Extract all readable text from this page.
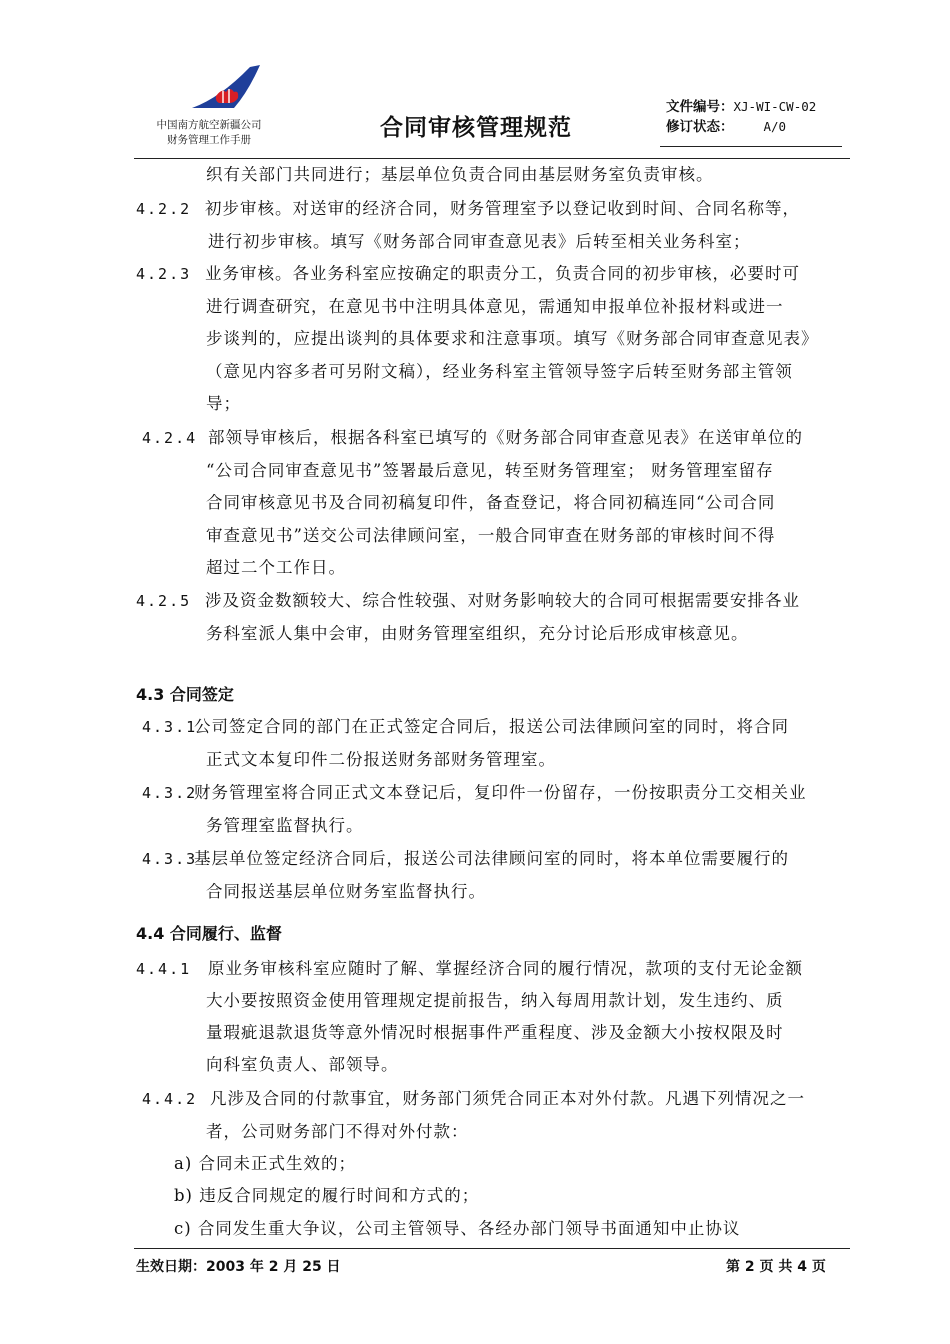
中国南方航空新疆公司
财务管理工作手册	合同审核管理规范
文件编号：XJ-WI-CW-02
修订状态： A/0
织有关部门共同进行；基层单位负责合同由基层财务室负责审核。
4.2.2 初步审核。对送审的经济合同，财务管理室予以登记收到时间、合同名称等，
进行初步审核。填写《财务部合同审查意见表》后转至相关业务科室；
4.2.3 业务审核。各业务科室应按确定的职责分工，负责合同的初步审核，必要时可
进行调查研究，在意见书中注明具体意见，需通知申报单位补报材料或进一
步谈判的，应提出谈判的具体要求和注意事项。填写《财务部合同审查意见表》
（意见内容多者可另附文稿），经业务科室主管领导签字后转至财务部主管领
导；
4.2.4 部领导审核后，根据各科室已填写的《财务部合同审查意见表》在送审单位的
“公司合同审查意见书”签署最后意见，转至财务管理室； 财务管理室留存
合同审核意见书及合同初稿复印件，备查登记，将合同初稿连同“公司合同
审查意见书”送交公司法律顾问室，一般合同审查在财务部的审核时间不得
超过二个工作日。
4.2.5 涉及资金数额较大、综合性较强、对财务影响较大的合同可根据需要安排各业
务科室派人集中会审，由财务管理室组织，充分讨论后形成审核意见。
4.3 合同签定
4.3.1
公司签定合同的部门在正式签定合同后，报送公司法律顾问室的同时，将合同
正式文本复印件二份报送财务部财务管理室。
4.3.2
财务管理室将合同正式文本登记后，复印件一份留存，一份按职责分工交相关业
务管理室监督执行。
4.3.3
基层单位签定经济合同后，报送公司法律顾问室的同时，将本单位需要履行的
合同报送基层单位财务室监督执行。
4.4 合同履行、监督
4.4.1 原业务审核科室应随时了解、掌握经济合同的履行情况，款项的支付无论金额
大小要按照资金使用管理规定提前报告，纳入每周用款计划，发生违约、质
量瑕疵退款退货等意外情况时根据事件严重程度、涉及金额大小按权限及时
向科室负责人、部领导。
4.4.2 凡涉及合同的付款事宜，财务部门须凭合同正本对外付款。凡遇下列情况之一
者，公司财务部门不得对外付款：
a) 合同未正式生效的；
b) 违反合同规定的履行时间和方式的；
c) 合同发生重大争议，公司主管领导、各经办部门领导书面通知中止协议
生效日期：2003 年 2 月 25 日	第 2 页 共 4 页
